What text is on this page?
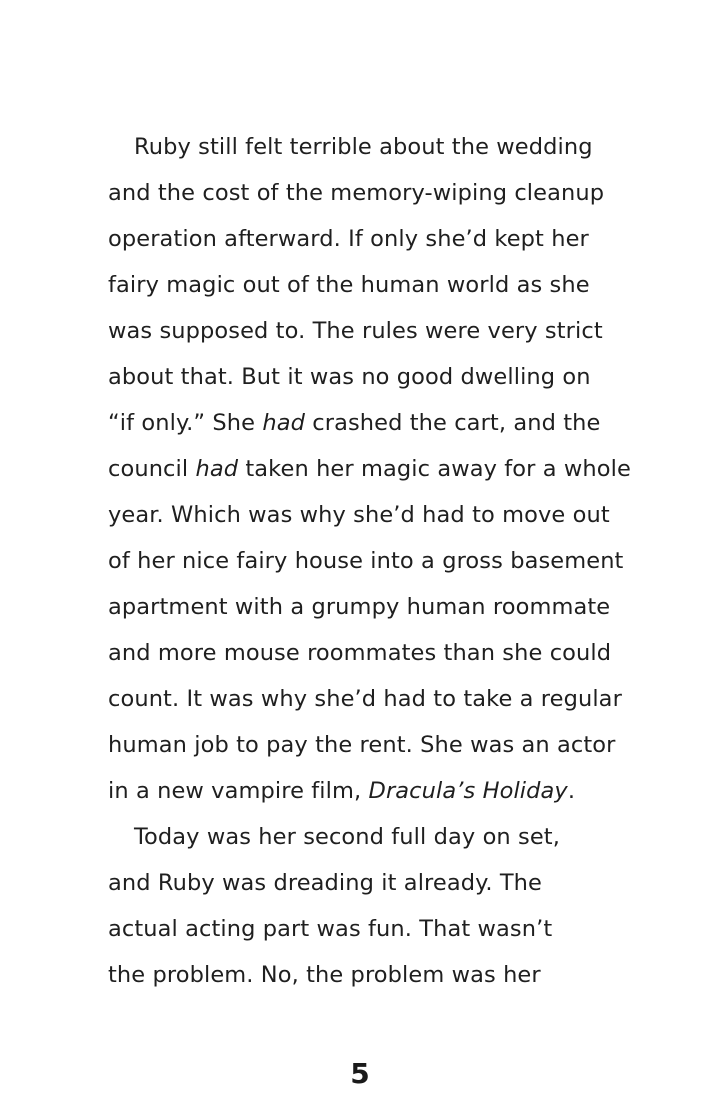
Ruby still felt terrible about the wedding
and the cost of the memory-wiping cleanup
operation afterward. If only she’d kept her
fairy magic out of the human world as she
was supposed to. The rules were very strict
about that. But it was no good dwelling on
“if only.” She had crashed the cart, and the
council had taken her magic away for a whole
year. Which was why she’d had to move out
of her nice fairy house into a gross basement
apartment with a grumpy human roommate
and more mouse roommates than she could
count. It was why she’d had to take a regular
human job to pay the rent. She was an actor
in a new vampire film, Dracula’s Holiday.
Today was her second full day on set,
and Ruby was dreading it already. The
actual acting part was fun. That wasn’t
the problem. No, the problem was her
5
